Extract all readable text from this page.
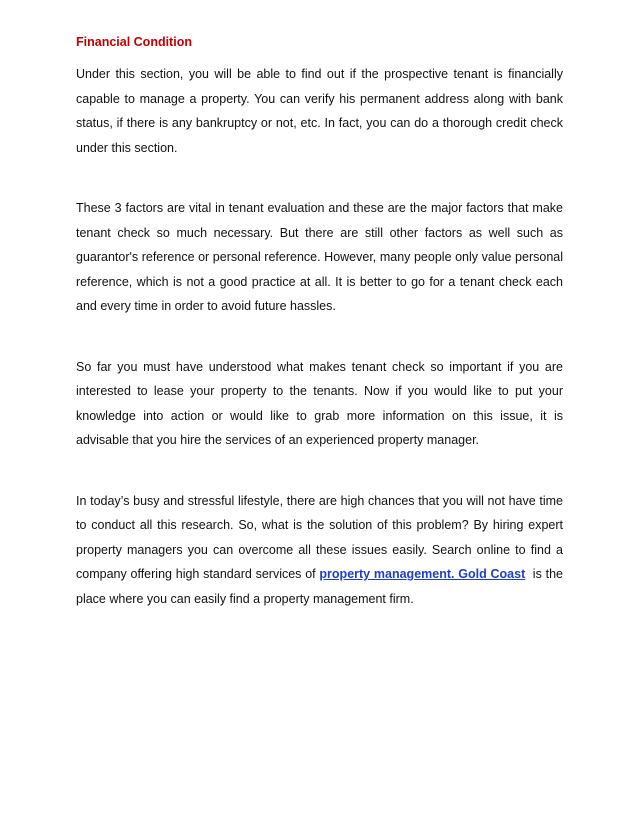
Financial Condition

Under this section, you will be able to find out if the prospective tenant is financially capable to manage a property. You can verify his permanent address along with bank status, if there is any bankruptcy or not, etc. In fact, you can do a thorough credit check under this section.

These 3 factors are vital in tenant evaluation and these are the major factors that make tenant check so much necessary. But there are still other factors as well such as guarantor's reference or personal reference. However, many people only value personal reference, which is not a good practice at all. It is better to go for a tenant check each and every time in order to avoid future hassles.

So far you must have understood what makes tenant check so important if you are interested to lease your property to the tenants. Now if you would like to put your knowledge into action or would like to grab more information on this issue, it is advisable that you hire the services of an experienced property manager.

In today’s busy and stressful lifestyle, there are high chances that you will not have time to conduct all this research. So, what is the solution of this problem? By hiring expert property managers you can overcome all these issues easily. Search online to find a company offering high standard services of property management. Gold Coast  is the place where you can easily find a property management firm.
